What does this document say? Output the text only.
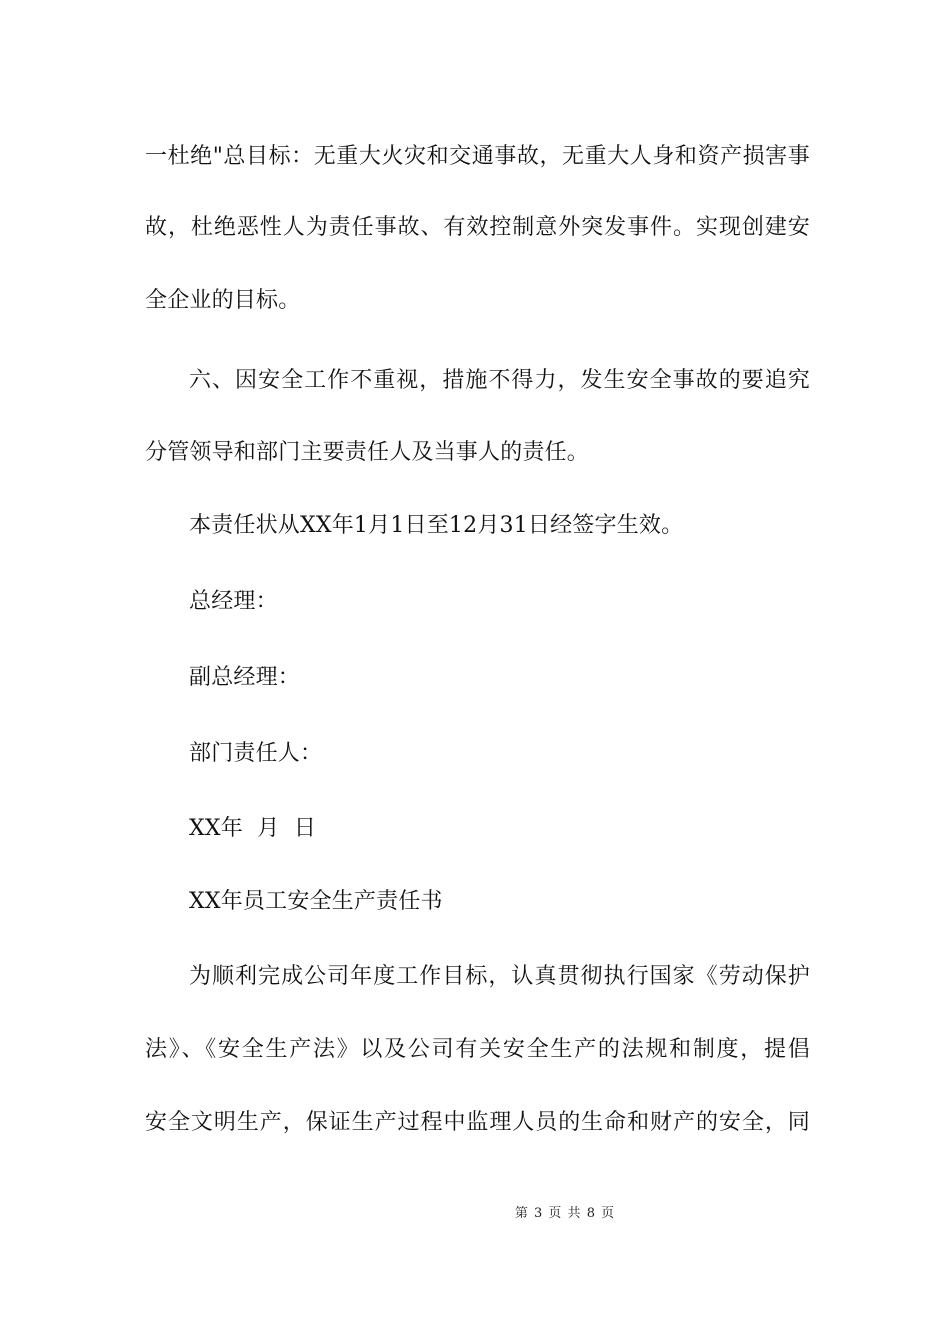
一杜绝"总目标：无重大火灾和交通事故，无重大人身和资产损害事
故，杜绝恶性人为责任事故、有效控制意外突发事件。实现创建安
全企业的目标。
六、因安全工作不重视，措施不得力，发生安全事故的要追究
分管领导和部门主要责任人及当事人的责任。
本责任状从XX年1月1日至12月31日经签字生效。
总经理：
副总经理：
部门责任人：
XX年  月  日
XX年员工安全生产责任书
为顺利完成公司年度工作目标，认真贯彻执行国家《劳动保护
法》、《安全生产法》以及公司有关安全生产的法规和制度，提倡
安全文明生产，保证生产过程中监理人员的生命和财产的安全，同
第 3 页 共 8 页
